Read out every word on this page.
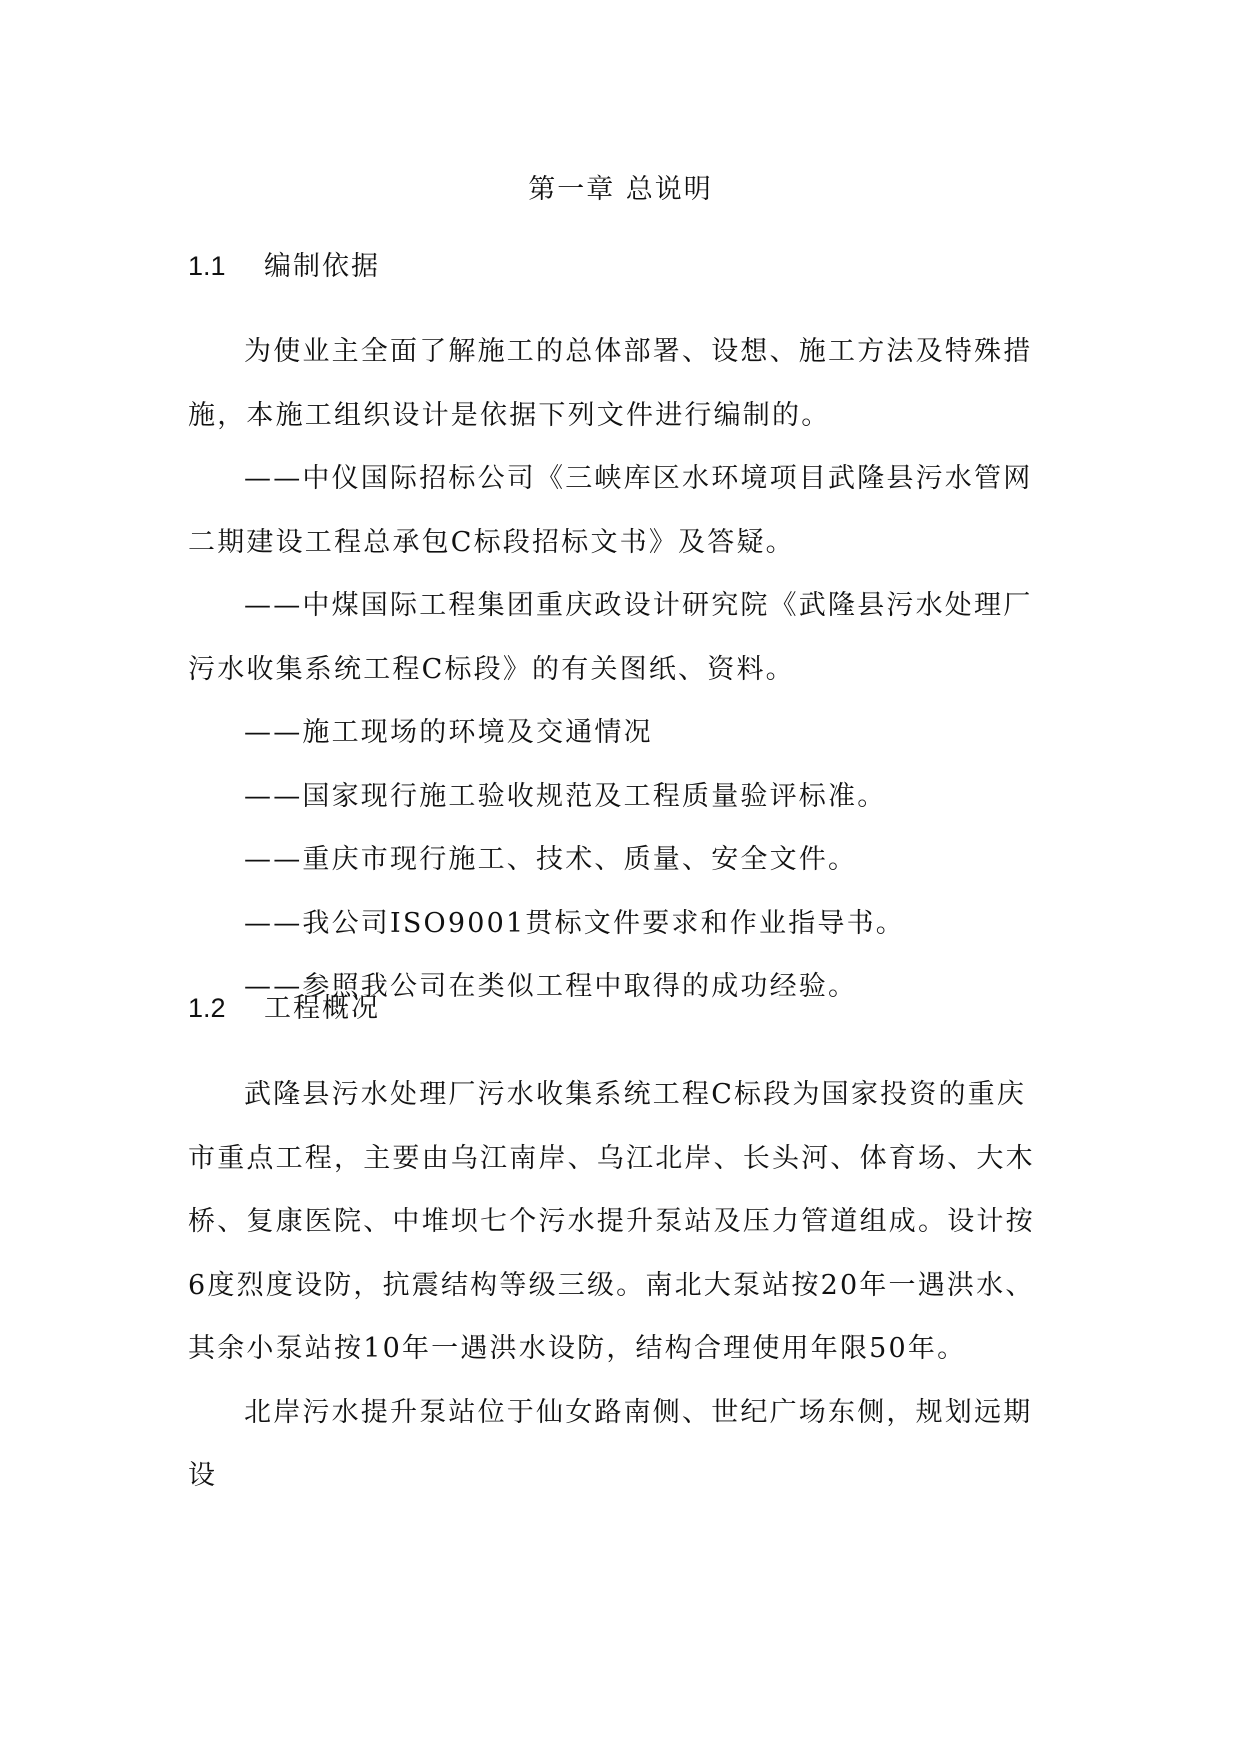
第一章 总说明
1.1 编制依据

为使业主全面了解施工的总体部署、设想、施工方法及特殊措施，本施工组织设计是依据下列文件进行编制的。

——中仪国际招标公司《三峡库区水环境项目武隆县污水管网二期建设工程总承包C标段招标文书》及答疑。

——中煤国际工程集团重庆政设计研究院《武隆县污水处理厂污水收集系统工程C标段》的有关图纸、资料。

——施工现场的环境及交通情况

——国家现行施工验收规范及工程质量验评标准。

——重庆市现行施工、技术、质量、安全文件。

——我公司ISO9001贯标文件要求和作业指导书。

——参照我公司在类似工程中取得的成功经验。

1.2 工程概况

武隆县污水处理厂污水收集系统工程C标段为国家投资的重庆市重点工程，主要由乌江南岸、乌江北岸、长头河、体育场、大木桥、复康医院、中堆坝七个污水提升泵站及压力管道组成。设计按6度烈度设防，抗震结构等级三级。南北大泵站按20年一遇洪水、其余小泵站按10年一遇洪水设防，结构合理使用年限50年。

北岸污水提升泵站位于仙女路南侧、世纪广场东侧，规划远期设
